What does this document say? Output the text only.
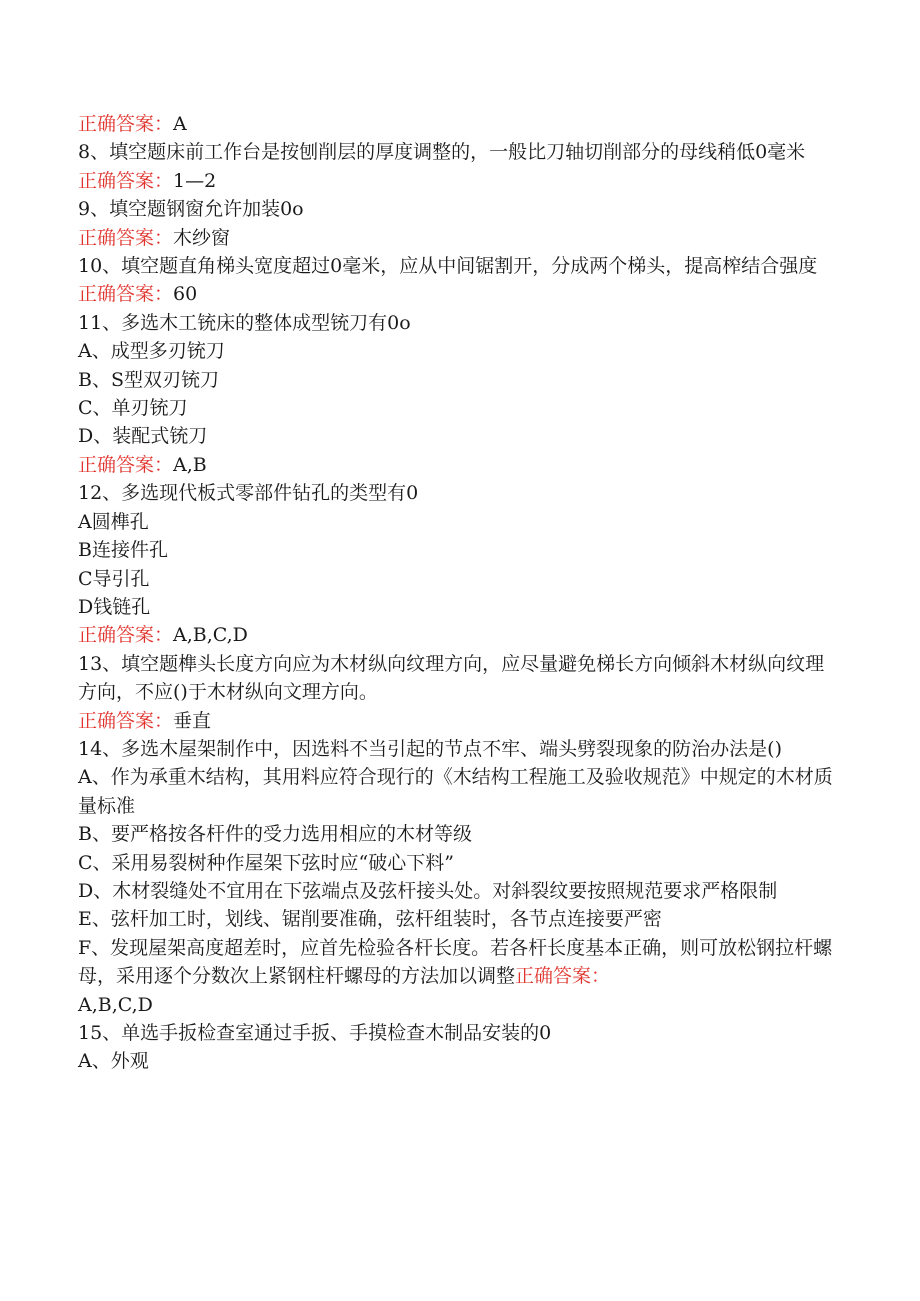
正确答案：A
8、填空题床前工作台是按刨削层的厚度调整的，一般比刀轴切削部分的母线稍低0毫米
正确答案：1—2
9、填空题钢窗允许加装0o
正确答案：木纱窗
10、填空题直角梯头宽度超过0毫米，应从中间锯割开，分成两个梯头，提高榨结合强度
正确答案：60
11、多选木工铳床的整体成型铳刀有0o
A、成型多刃铳刀
B、S型双刃铳刀
C、单刃铳刀
D、装配式铳刀
正确答案：A,B
12、多选现代板式零部件钻孔的类型有0
A圆榫孔
B连接件孔
C导引孔
D钱链孔
正确答案：A,B,C,D
13、填空题榫头长度方向应为木材纵向纹理方向，应尽量避免梯长方向倾斜木材纵向纹理方向，不应()于木材纵向文理方向。
正确答案：垂直
14、多选木屋架制作中，因选料不当引起的节点不牢、端头劈裂现象的防治办法是()
A、作为承重木结构，其用料应符合现行的《木结构工程施工及验收规范》中规定的木材质量标准
B、要严格按各杆件的受力选用相应的木材等级
C、采用易裂树种作屋架下弦时应“破心下料”
D、木材裂缝处不宜用在下弦端点及弦杆接头处。对斜裂纹要按照规范要求严格限制
E、弦杆加工时，划线、锯削要准确，弦杆组装时，各节点连接要严密
F、发现屋架高度超差时，应首先检验各杆长度。若各杆长度基本正确，则可放松钢拉杆螺母，采用逐个分数次上紧钢柱杆螺母的方法加以调整正确答案：
A,B,C,D
15、单选手扳检查室通过手扳、手摸检查木制品安装的0
A、外观
